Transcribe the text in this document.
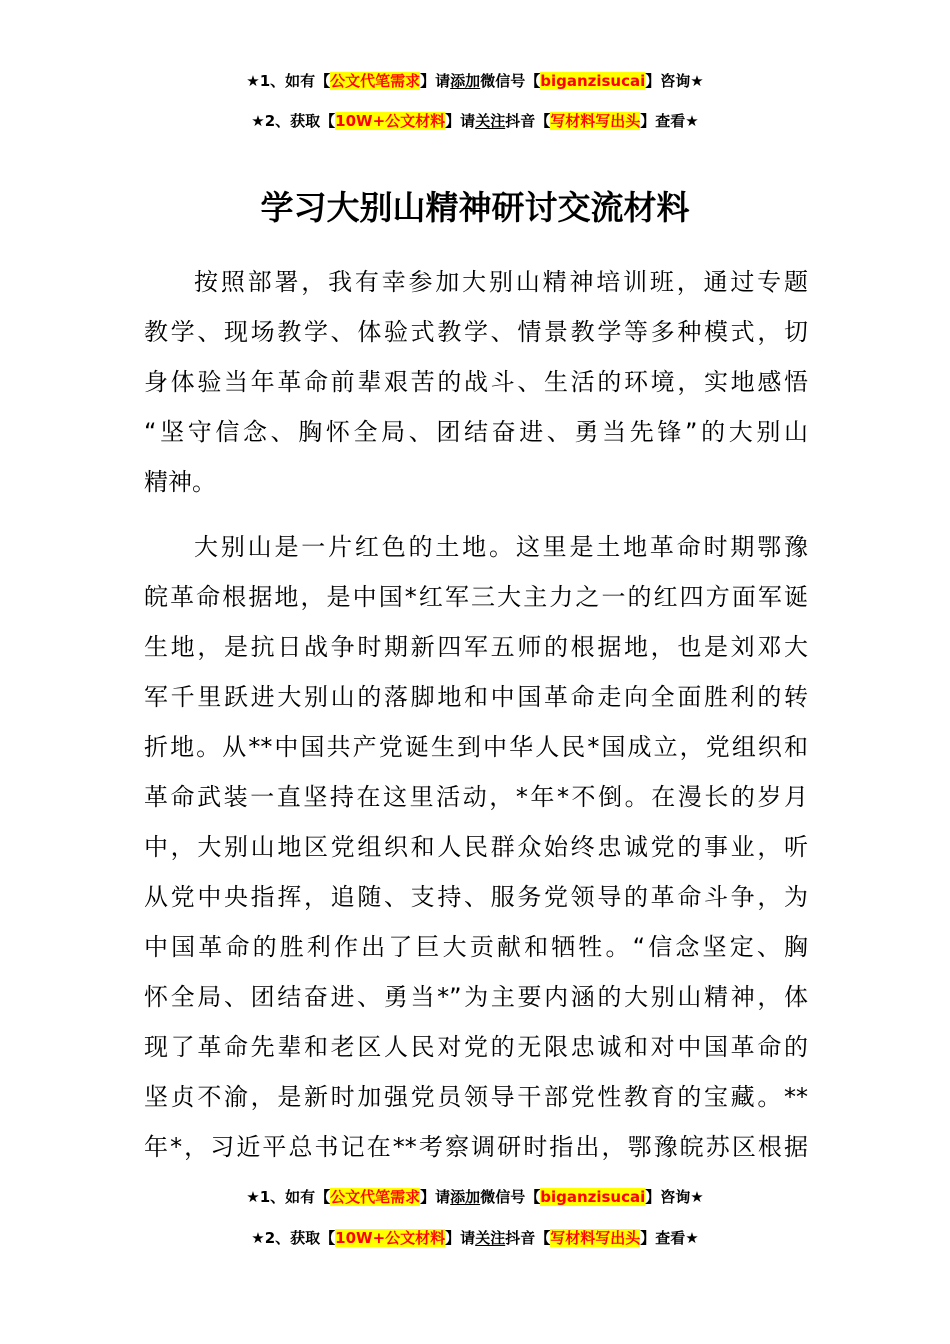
★1、如有【公文代笔需求】请添加微信号【biganzisucai】咨询★
★2、获取【10W+公文材料】请关注抖音【写材料写出头】查看★
学习大别山精神研讨交流材料
按照部署，我有幸参加大别山精神培训班，通过专题
教学、现场教学、体验式教学、情景教学等多种模式，切
身体验当年革命前辈艰苦的战斗、生活的环境，实地感悟
“坚守信念、胸怀全局、团结奋进、勇当先锋”的大别山
精神。
大别山是一片红色的土地。这里是土地革命时期鄂豫
皖革命根据地，是中国*红军三大主力之一的红四方面军诞
生地，是抗日战争时期新四军五师的根据地，也是刘邓大
军千里跃进大别山的落脚地和中国革命走向全面胜利的转
折地。从**中国共产党诞生到中华人民*国成立，党组织和
革命武装一直坚持在这里活动，*年*不倒。在漫长的岁月
中，大别山地区党组织和人民群众始终忠诚党的事业，听
从党中央指挥，追随、支持、服务党领导的革命斗争，为
中国革命的胜利作出了巨大贡献和牺牲。“信念坚定、胸
怀全局、团结奋进、勇当*”为主要内涵的大别山精神，体
现了革命先辈和老区人民对党的无限忠诚和对中国革命的
坚贞不渝，是新时加强党员领导干部党性教育的宝藏。**
年*，习近平总书记在**考察调研时指出，鄂豫皖苏区根据
★1、如有【公文代笔需求】请添加微信号【biganzisucai】咨询★
★2、获取【10W+公文材料】请关注抖音【写材料写出头】查看★
